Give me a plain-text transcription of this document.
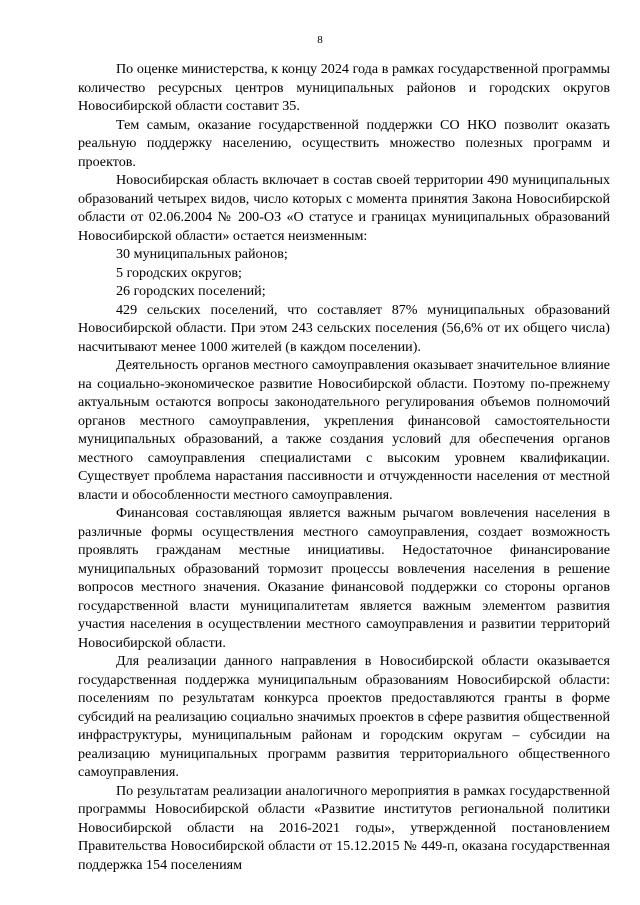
8

По оценке министерства, к концу 2024 года в рамках государственной программы количество ресурсных центров муниципальных районов и городских округов Новосибирской области составит 35.

Тем самым, оказание государственной поддержки СО НКО позволит оказать реальную поддержку населению, осуществить множество полезных программ и проектов.

Новосибирская область включает в состав своей территории 490 муниципальных образований четырех видов, число которых с момента принятия Закона Новосибирской области от 02.06.2004 № 200-ОЗ «О статусе и границах муниципальных образований Новосибирской области» остается неизменным:

30 муниципальных районов;

5 городских округов;

26 городских поселений;

429 сельских поселений, что составляет 87% муниципальных образований Новосибирской области. При этом 243 сельских поселения (56,6% от их общего числа) насчитывают менее 1000 жителей (в каждом поселении).

Деятельность органов местного самоуправления оказывает значительное влияние на социально-экономическое развитие Новосибирской области. Поэтому по-прежнему актуальным остаются вопросы законодательного регулирования объемов полномочий органов местного самоуправления, укрепления финансовой самостоятельности муниципальных образований, а также создания условий для обеспечения органов местного самоуправления специалистами с высоким уровнем квалификации. Существует проблема нарастания пассивности и отчужденности населения от местной власти и обособленности местного самоуправления.

Финансовая составляющая является важным рычагом вовлечения населения в различные формы осуществления местного самоуправления, создает возможность проявлять гражданам местные инициативы. Недостаточное финансирование муниципальных образований тормозит процессы вовлечения населения в решение вопросов местного значения. Оказание финансовой поддержки со стороны органов государственной власти муниципалитетам является важным элементом развития участия населения в осуществлении местного самоуправления и развитии территорий Новосибирской области.

Для реализации данного направления в Новосибирской области оказывается государственная поддержка муниципальным образованиям Новосибирской области: поселениям по результатам конкурса проектов предоставляются гранты в форме субсидий на реализацию социально значимых проектов в сфере развития общественной инфраструктуры, муниципальным районам и городским округам – субсидии на реализацию муниципальных программ развития территориального общественного самоуправления.

По результатам реализации аналогичного мероприятия в рамках государственной программы Новосибирской области «Развитие институтов региональной политики Новосибирской области на 2016-2021 годы», утвержденной постановлением Правительства Новосибирской области от 15.12.2015 № 449-п, оказана государственная поддержка 154 поселениям
